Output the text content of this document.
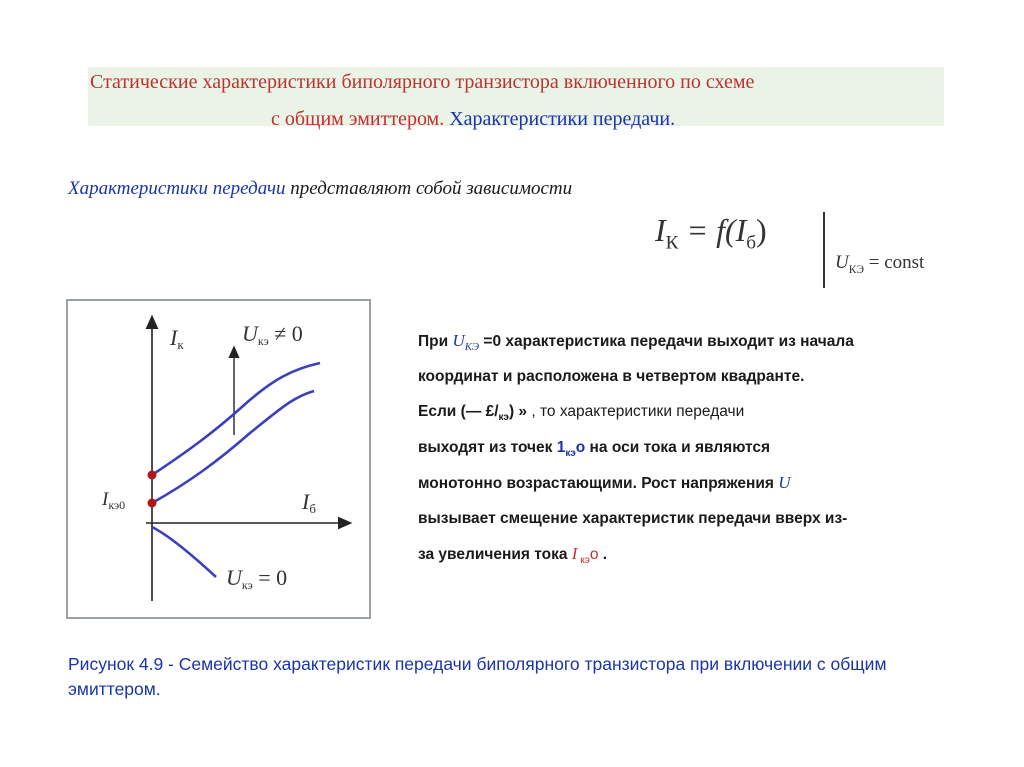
Статические характеристики биполярного транзистора включенного по схеме
с общим эмиттером. Характеристики передачи.
Характеристики передачи представляют собой зависимости
$I_К = f(I_б)$
$U_{КЭ}$ = const
Iк
Iб
$I_{кэ0}$
Uкэ ≠ 0
Uкэ = 0
При $U_{КЭ} =0$ характеристика передачи выходит из начала
координат и расположена в четвертом квадранте.
Если (— $£/_{кэ}$) » , то характеристики передачи
выходят из точек $1_{кэ}о$ на оси тока и являются
монотонно возрастающими. Рост напряжения U
вызывает смещение характеристик передачи вверх из-
за увеличения тока I $_{кэ}$о .
Рисунок 4.9 - Семейство характеристик передачи биполярного транзистора при включении с общим эмиттером.
